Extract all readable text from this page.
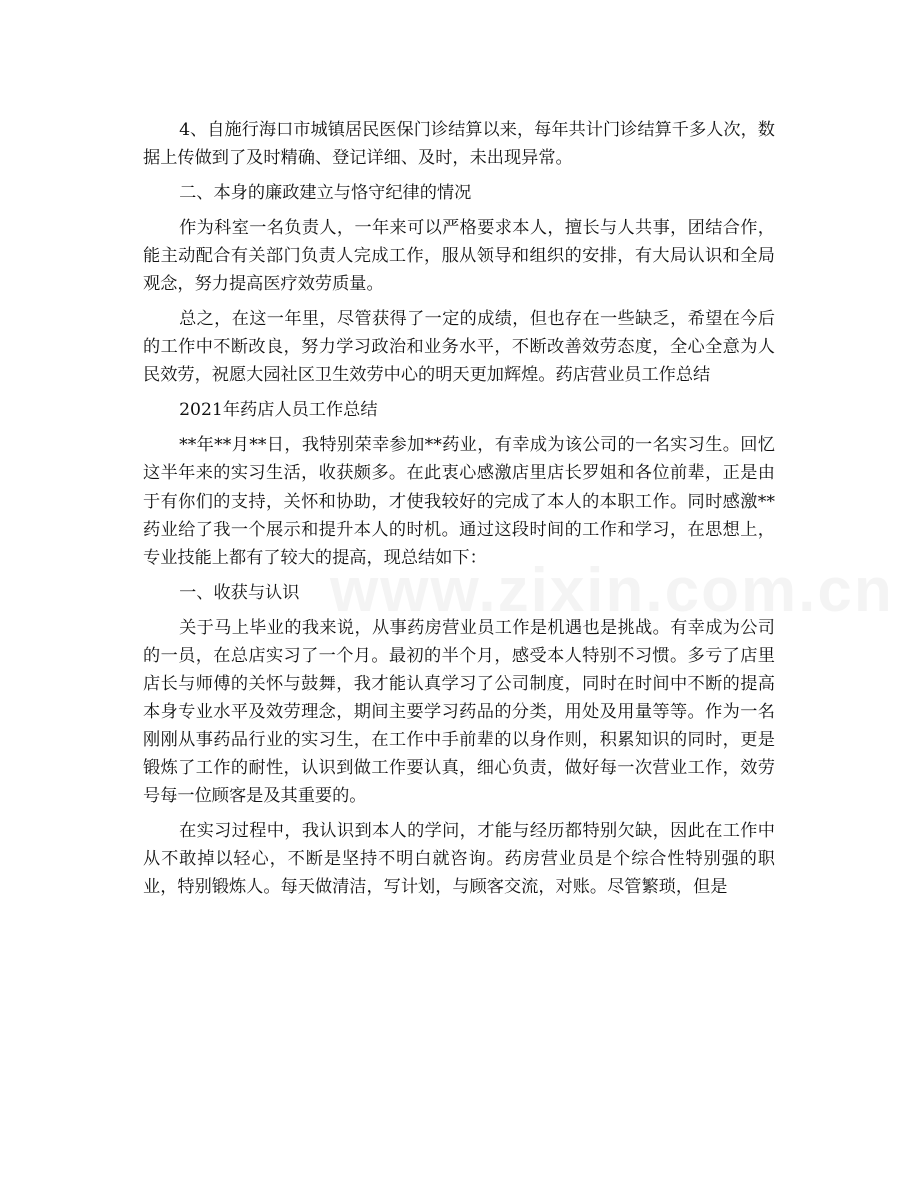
4、自施行海口市城镇居民医保门诊结算以来，每年共计门诊结算千多人次，数据上传做到了及时精确、登记详细、及时，未出现异常。

二、本身的廉政建立与恪守纪律的情况

作为科室一名负责人，一年来可以严格要求本人，擅长与人共事，团结合作，能主动配合有关部门负责人完成工作，服从领导和组织的安排，有大局认识和全局观念，努力提高医疗效劳质量。

总之，在这一年里，尽管获得了一定的成绩，但也存在一些缺乏，希望在今后的工作中不断改良，努力学习政治和业务水平，不断改善效劳态度，全心全意为人民效劳，祝愿大园社区卫生效劳中心的明天更加辉煌。药店营业员工作总结

2021年药店人员工作总结

**年**月**日，我特别荣幸参加**药业，有幸成为该公司的一名实习生。回忆这半年来的实习生活，收获颇多。在此衷心感激店里店长罗姐和各位前辈，正是由于有你们的支持，关怀和协助，才使我较好的完成了本人的本职工作。同时感激**药业给了我一个展示和提升本人的时机。通过这段时间的工作和学习，在思想上，专业技能上都有了较大的提高，现总结如下：

一、收获与认识

关于马上毕业的我来说，从事药房营业员工作是机遇也是挑战。有幸成为公司的一员，在总店实习了一个月。最初的半个月，感受本人特别不习惯。多亏了店里店长与师傅的关怀与鼓舞，我才能认真学习了公司制度，同时在时间中不断的提高本身专业水平及效劳理念，期间主要学习药品的分类，用处及用量等等。作为一名刚刚从事药品行业的实习生，在工作中手前辈的以身作则，积累知识的同时，更是锻炼了工作的耐性，认识到做工作要认真，细心负责，做好每一次营业工作，效劳号每一位顾客是及其重要的。

在实习过程中，我认识到本人的学问，才能与经历都特别欠缺，因此在工作中从不敢掉以轻心，不断是坚持不明白就咨询。药房营业员是个综合性特别强的职业，特别锻炼人。每天做清洁，写计划，与顾客交流，对账。尽管繁琐，但是

www.zixin.com.cn
